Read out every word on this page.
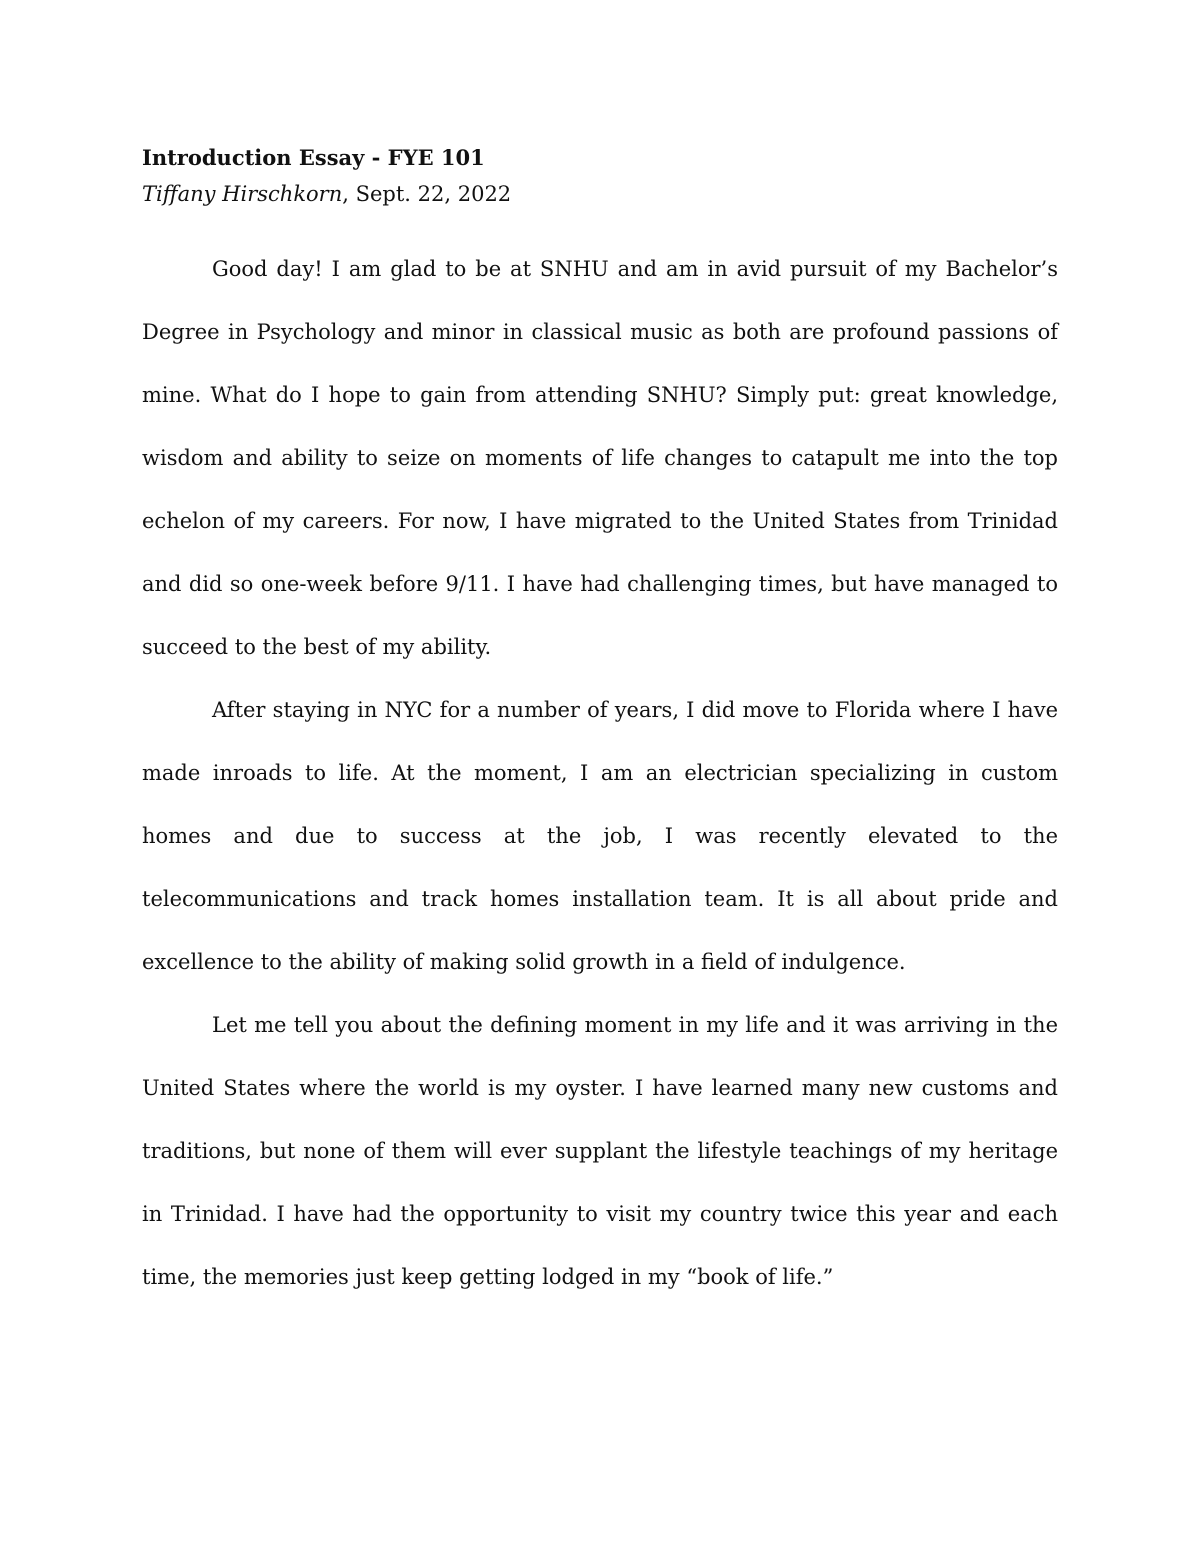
Introduction Essay - FYE 101

Tiffany Hirschkorn, Sept. 22, 2022

Good day! I am glad to be at SNHU and am in avid pursuit of my Bachelor’s Degree in Psychology and minor in classical music as both are profound passions of mine. What do I hope to gain from attending SNHU? Simply put: great knowledge, wisdom and ability to seize on moments of life changes to catapult me into the top echelon of my careers. For now, I have migrated to the United States from Trinidad and did so one-week before 9/11. I have had challenging times, but have managed to succeed to the best of my ability.

After staying in NYC for a number of years, I did move to Florida where I have made inroads to life. At the moment, I am an electrician specializing in custom homes and due to success at the job, I was recently elevated to the telecommunications and track homes installation team. It is all about pride and excellence to the ability of making solid growth in a field of indulgence.

Let me tell you about the defining moment in my life and it was arriving in the United States where the world is my oyster. I have learned many new customs and traditions, but none of them will ever supplant the lifestyle teachings of my heritage in Trinidad. I have had the opportunity to visit my country twice this year and each time, the memories just keep getting lodged in my “book of life.”
